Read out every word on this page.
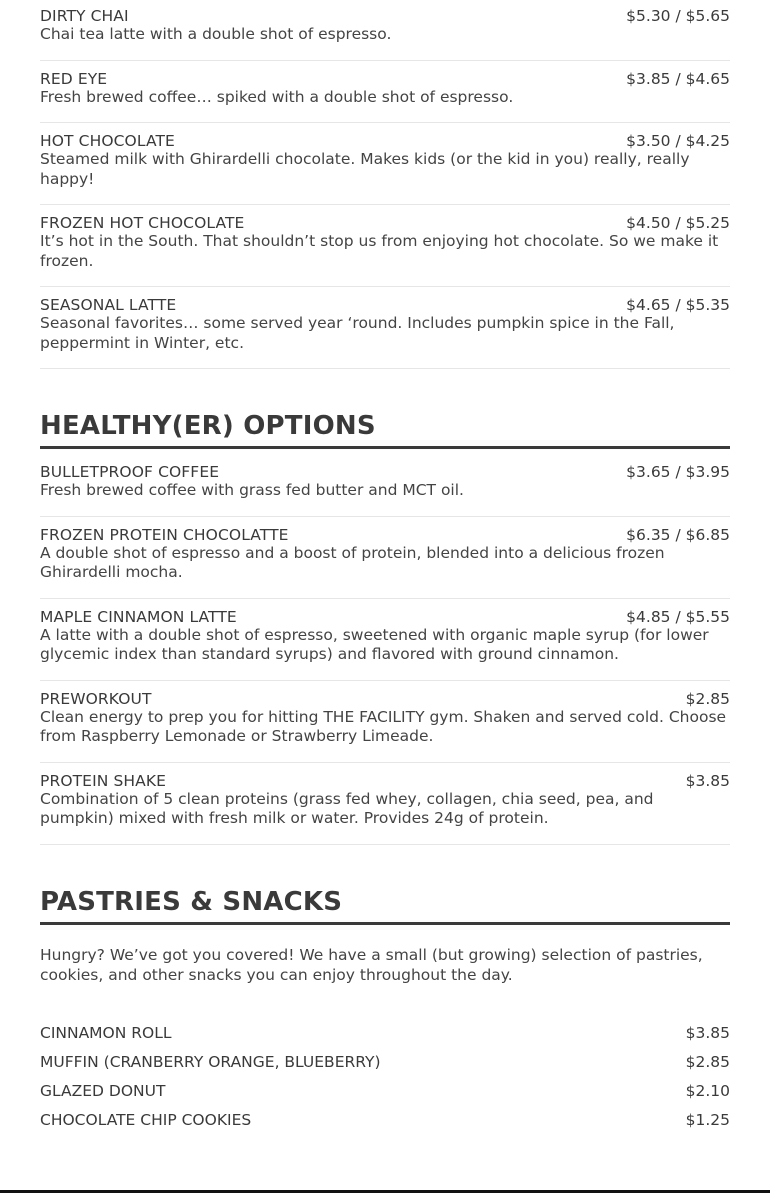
DIRTY CHAI	$5.30 / $5.65
Chai tea latte with a double shot of espresso.
RED EYE	$3.85 / $4.65
Fresh brewed coffee… spiked with a double shot of espresso.
HOT CHOCOLATE	$3.50 / $4.25
Steamed milk with Ghirardelli chocolate. Makes kids (or the kid in you) really, really happy!
FROZEN HOT CHOCOLATE	$4.50 / $5.25
It’s hot in the South. That shouldn’t stop us from enjoying hot chocolate. So we make it frozen.
SEASONAL LATTE	$4.65 / $5.35
Seasonal favorites… some served year ‘round. Includes pumpkin spice in the Fall, peppermint in Winter, etc.
HEALTHY(ER) OPTIONS
BULLETPROOF COFFEE	$3.65 / $3.95
Fresh brewed coffee with grass fed butter and MCT oil.
FROZEN PROTEIN CHOCOLATTE	$6.35 / $6.85
A double shot of espresso and a boost of protein, blended into a delicious frozen Ghirardelli mocha.
MAPLE CINNAMON LATTE	$4.85 / $5.55
A latte with a double shot of espresso, sweetened with organic maple syrup (for lower glycemic index than standard syrups) and flavored with ground cinnamon.
PREWORKOUT	$2.85
Clean energy to prep you for hitting THE FACILITY gym. Shaken and served cold. Choose from Raspberry Lemonade or Strawberry Limeade.
PROTEIN SHAKE	$3.85
Combination of 5 clean proteins (grass fed whey, collagen, chia seed, pea, and pumpkin) mixed with fresh milk or water. Provides 24g of protein.
PASTRIES & SNACKS
Hungry? We’ve got you covered! We have a small (but growing) selection of pastries, cookies, and other snacks you can enjoy throughout the day.
CINNAMON ROLL	$3.85
MUFFIN (CRANBERRY ORANGE, BLUEBERRY)	$2.85
GLAZED DONUT	$2.10
CHOCOLATE CHIP COOKIES	$1.25
